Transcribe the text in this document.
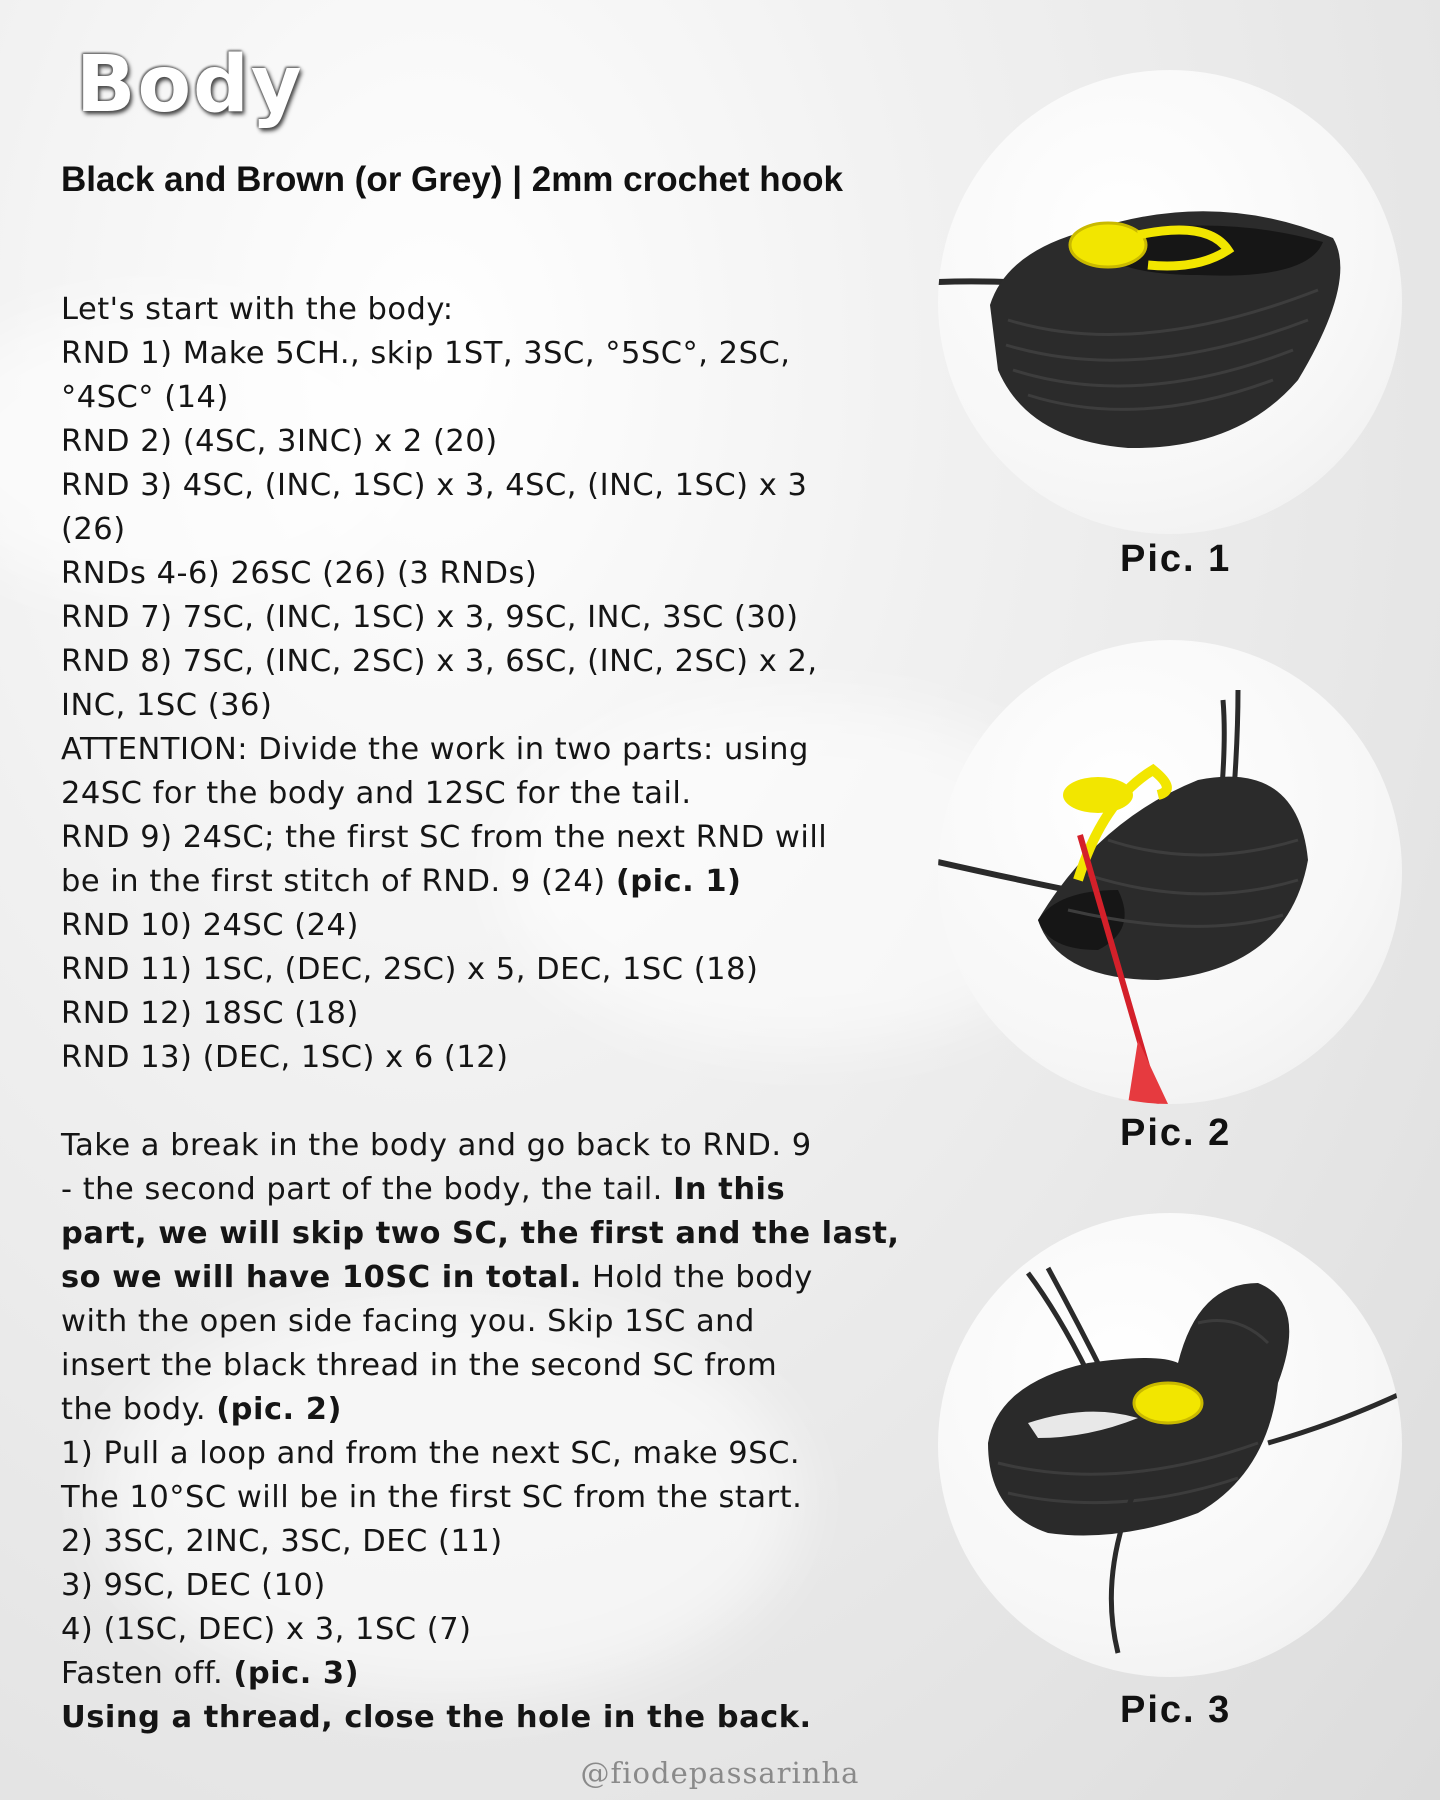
Body
Black and Brown (or Grey) | 2mm crochet hook
Let's start with the body:
RND 1) Make 5CH., skip 1ST, 3SC, °5SC°, 2SC,
°4SC° (14)
RND 2) (4SC, 3INC) x 2 (20)
RND 3) 4SC, (INC, 1SC) x 3, 4SC, (INC, 1SC) x 3
(26)
RNDs 4-6) 26SC (26) (3 RNDs)
RND 7) 7SC, (INC, 1SC) x 3, 9SC, INC, 3SC (30)
RND 8) 7SC, (INC, 2SC) x 3, 6SC, (INC, 2SC) x 2,
INC, 1SC (36)
ATTENTION: Divide the work in two parts: using
24SC for the body and 12SC for the tail.
RND 9) 24SC; the first SC from the next RND will
be in the first stitch of RND. 9 (24) (pic. 1)
RND 10) 24SC (24)
RND 11) 1SC, (DEC, 2SC) x 5, DEC, 1SC (18)
RND 12) 18SC (18)
RND 13) (DEC, 1SC) x 6 (12)
Take a break in the body and go back to RND. 9
- the second part of the body, the tail. In this
part, we will skip two SC, the first and the last,
so we will have 10SC in total. Hold the body
with the open side facing you. Skip 1SC and
insert the black thread in the second SC from
the body. (pic. 2)
1) Pull a loop and from the next SC, make 9SC.
The 10°SC will be in the first SC from the start.
2) 3SC, 2INC, 3SC, DEC (11)
3) 9SC, DEC (10)
4) (1SC, DEC) x 3, 1SC (7)
Fasten off. (pic. 3)
Using a thread, close the hole in the back.
Pic. 1
Pic. 2
Pic. 3
@fiodepassarinha
